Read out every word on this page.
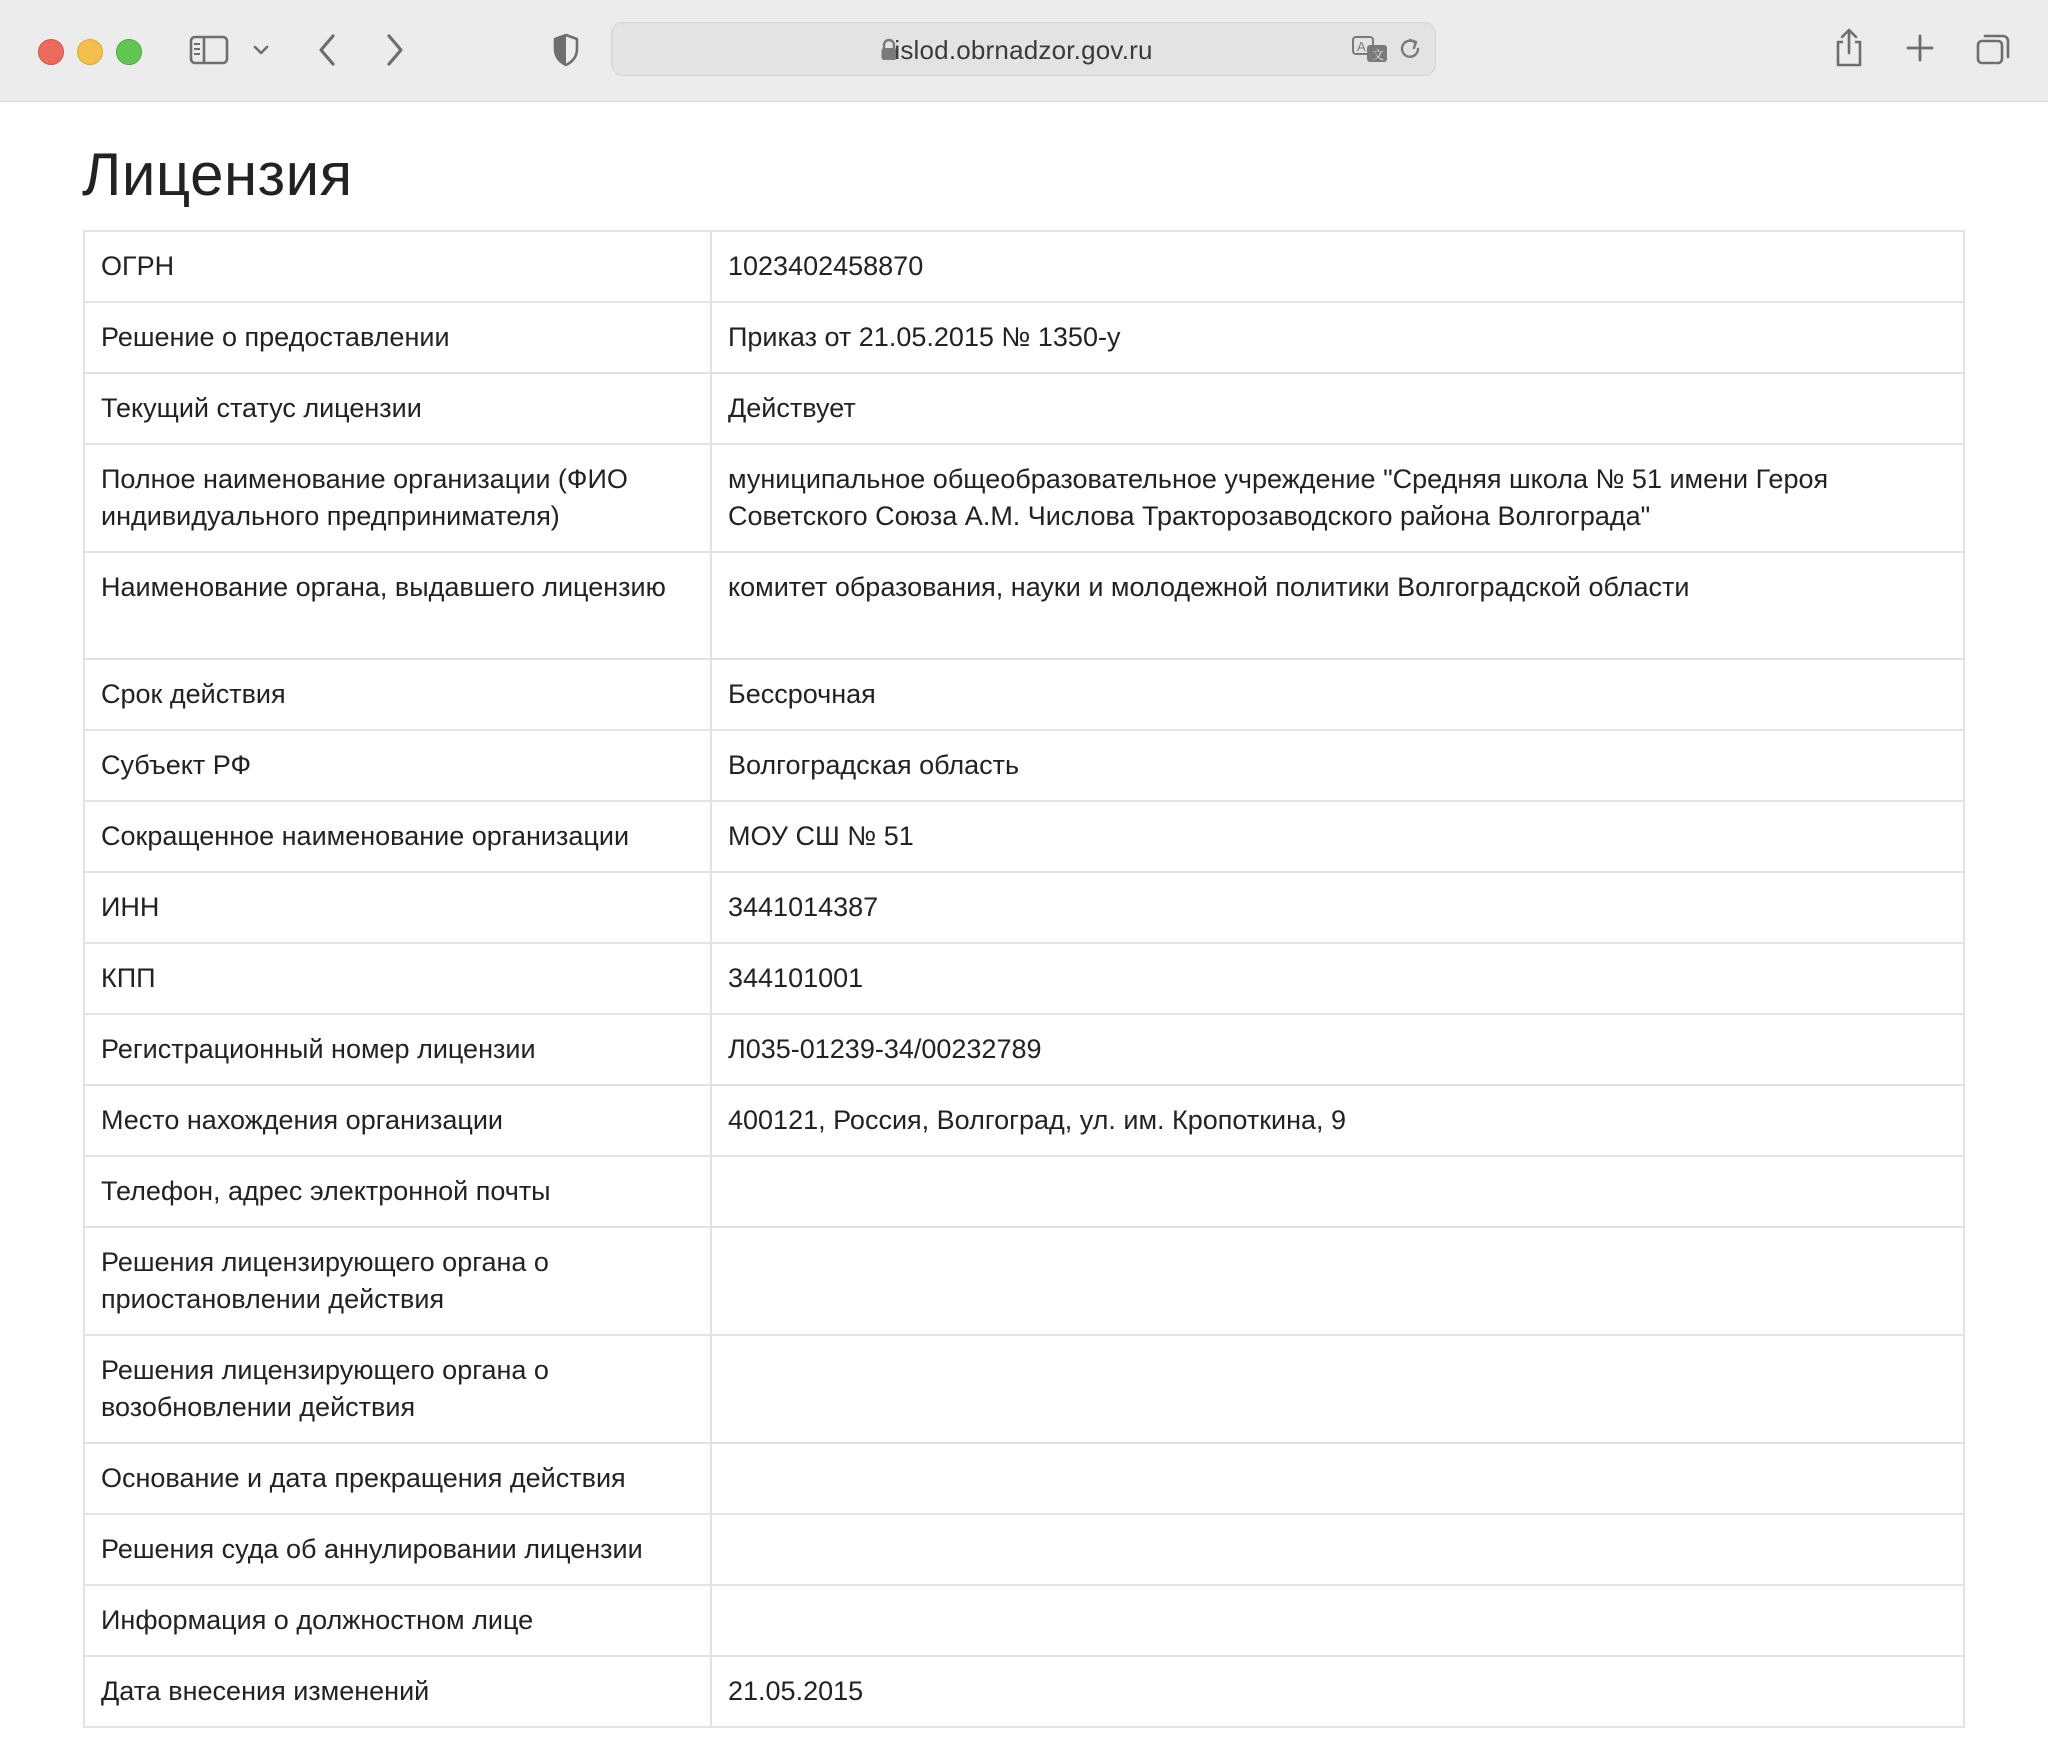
islod.obrnadzor.gov.ru	A
文
Лицензия
ОГРН	1023402458870
Решение о предоставлении	Приказ от 21.05.2015 № 1350-у
Текущий статус лицензии	Действует
Полное наименование организации (ФИО индивидуального предпринимателя)	муниципальное общеобразовательное учреждение "Средняя школа № 51 имени Героя Советского Союза А.М. Числова Тракторозаводского района Волгограда"
Наименование органа, выдавшего лицензию	комитет образования, науки и молодежной политики Волгоградской области
Срок действия	Бессрочная
Субъект РФ	Волгоградская область
Сокращенное наименование организации	МОУ СШ № 51
ИНН	3441014387
КПП	344101001
Регистрационный номер лицензии	Л035-01239-34/00232789
Место нахождения организации	400121, Россия, Волгоград, ул. им. Кропоткина, 9
Телефон, адрес электронной почты	
Решения лицензирующего органа о приостановлении действия	
Решения лицензирующего органа о возобновлении действия	
Основание и дата прекращения действия	
Решения суда об аннулировании лицензии	
Информация о должностном лице	
Дата внесения изменений	21.05.2015
